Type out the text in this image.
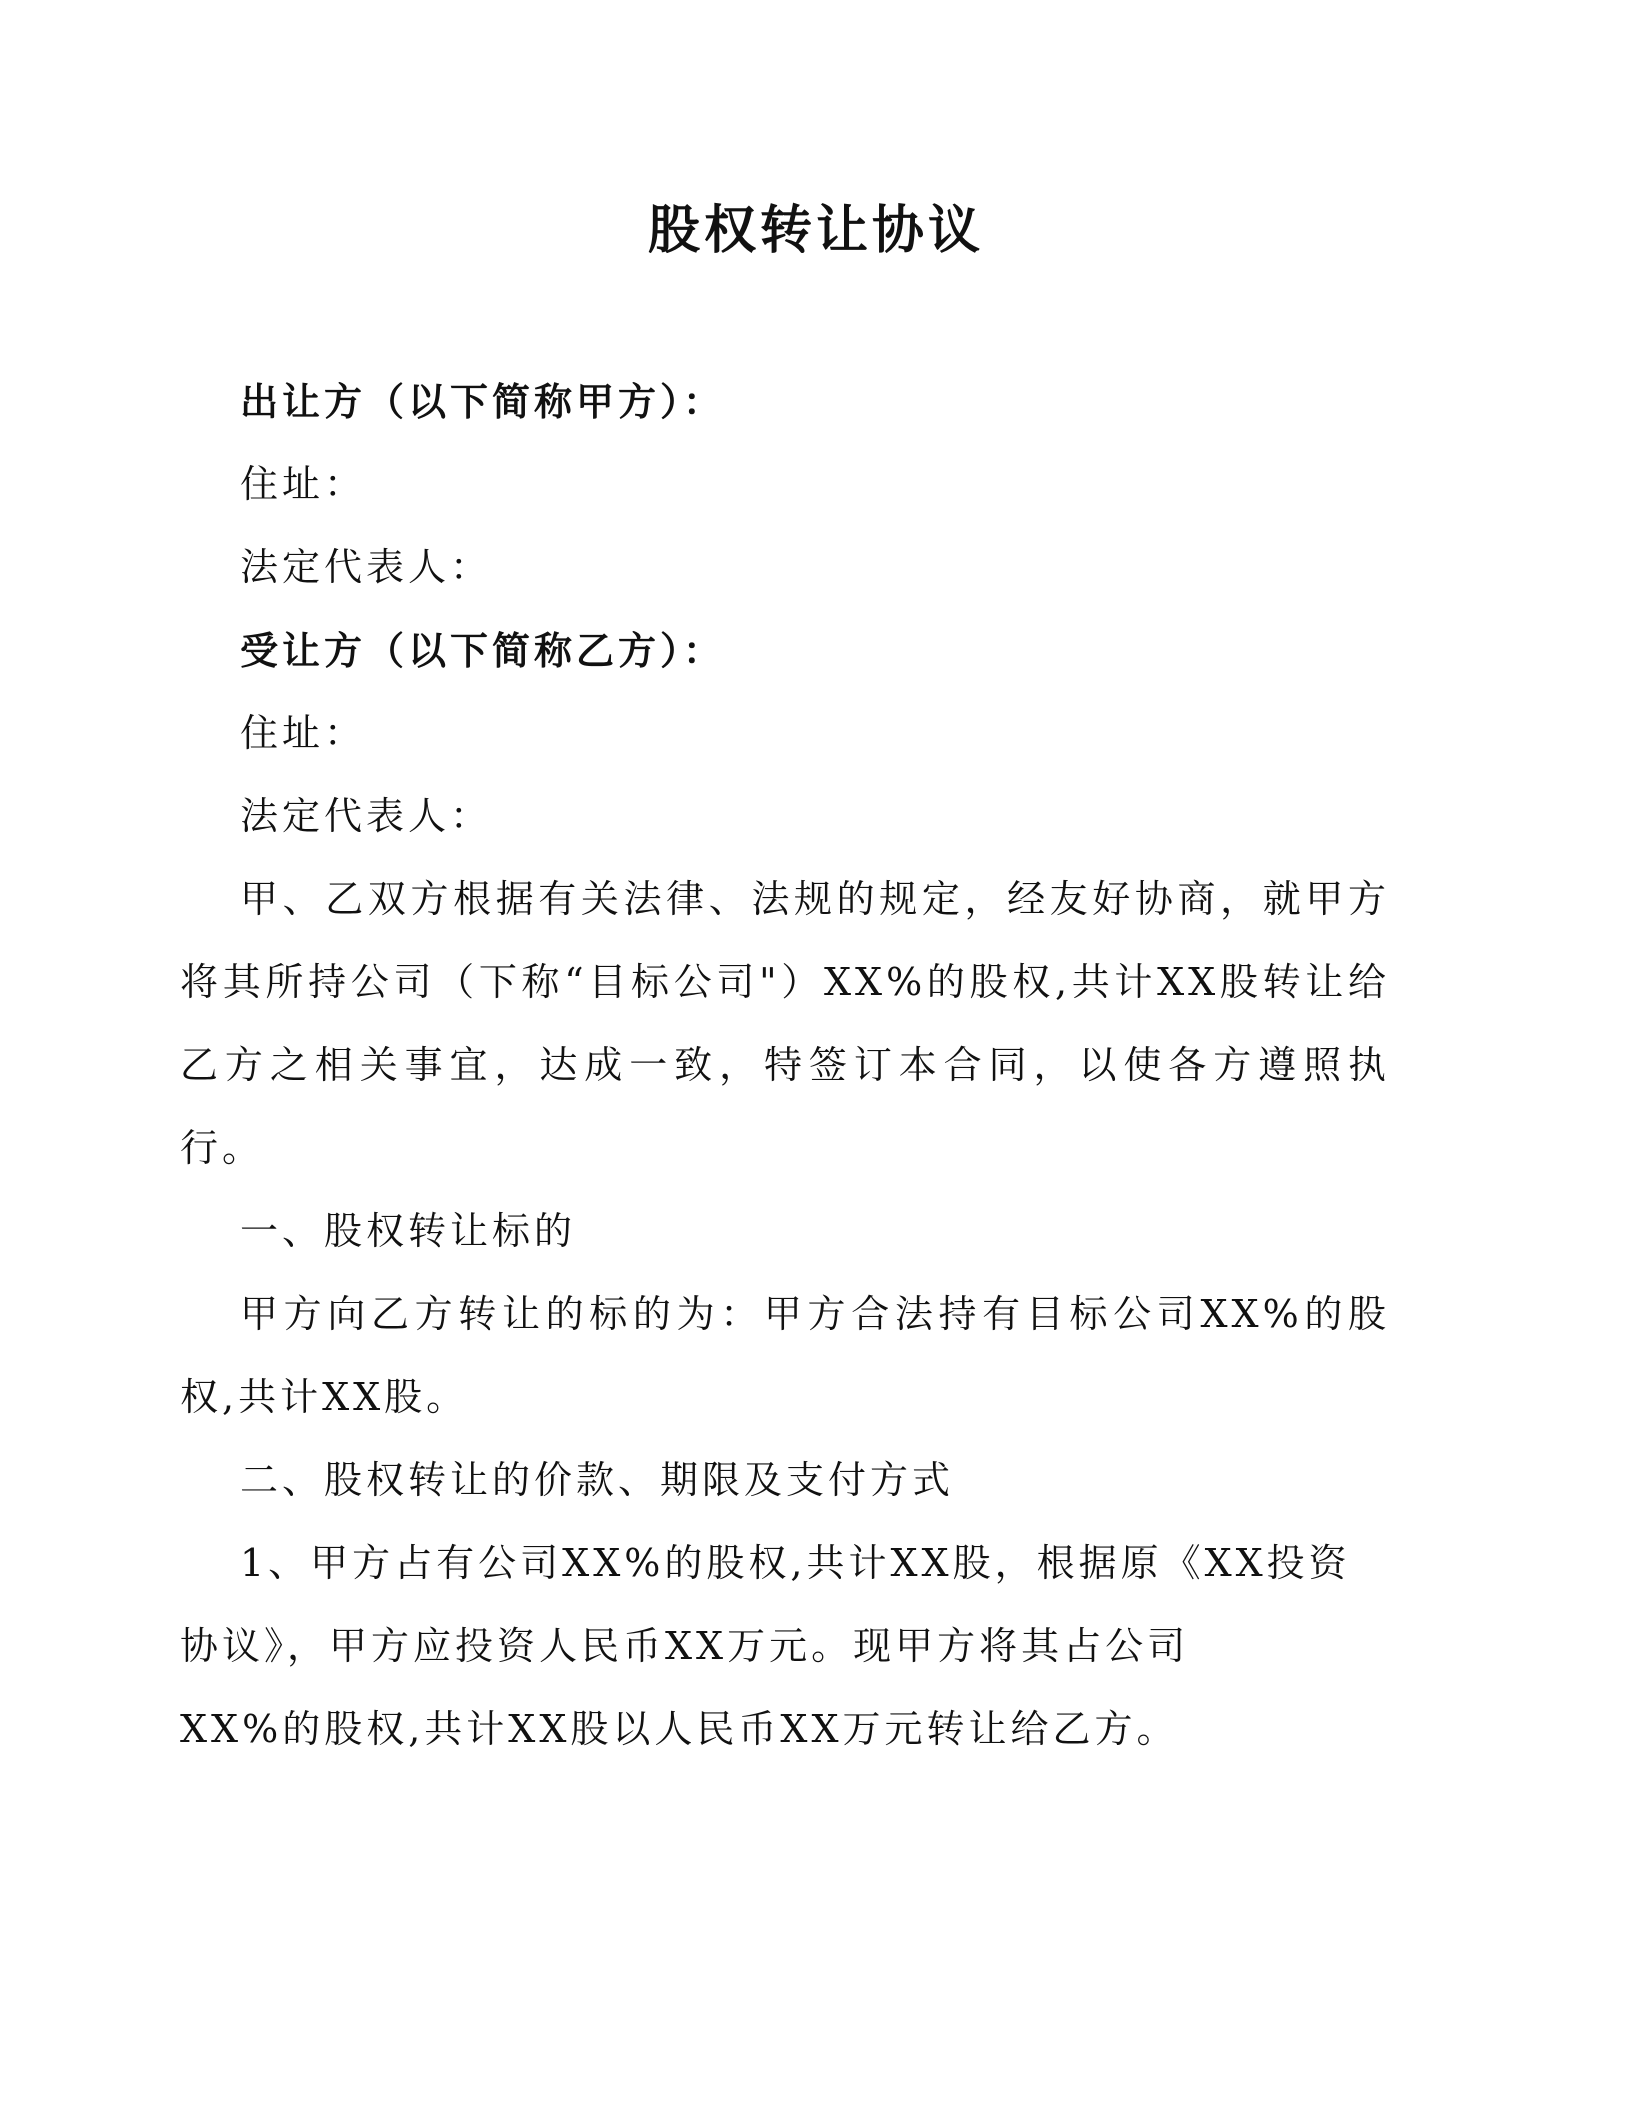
股权转让协议
出让方（以下简称甲方）：
住址：
法定代表人：
受让方（以下简称乙方）：
住址：
法定代表人：
甲、乙双方根据有关法律、法规的规定，经友好协商，就甲方将其所持公司（下称“目标公司"）XX%的股权,共计XX股转让给乙方之相关事宜，达成一致，特签订本合同，以使各方遵照执行。
一、股权转让标的
甲方向乙方转让的标的为：甲方合法持有目标公司XX%的股权,共计XX股。
二、股权转让的价款、期限及支付方式
1、甲方占有公司XX%的股权,共计XX股，根据原《XX投资
协议》，甲方应投资人民币XX万元。现甲方将其占公司
XX%的股权,共计XX股以人民币XX万元转让给乙方。
